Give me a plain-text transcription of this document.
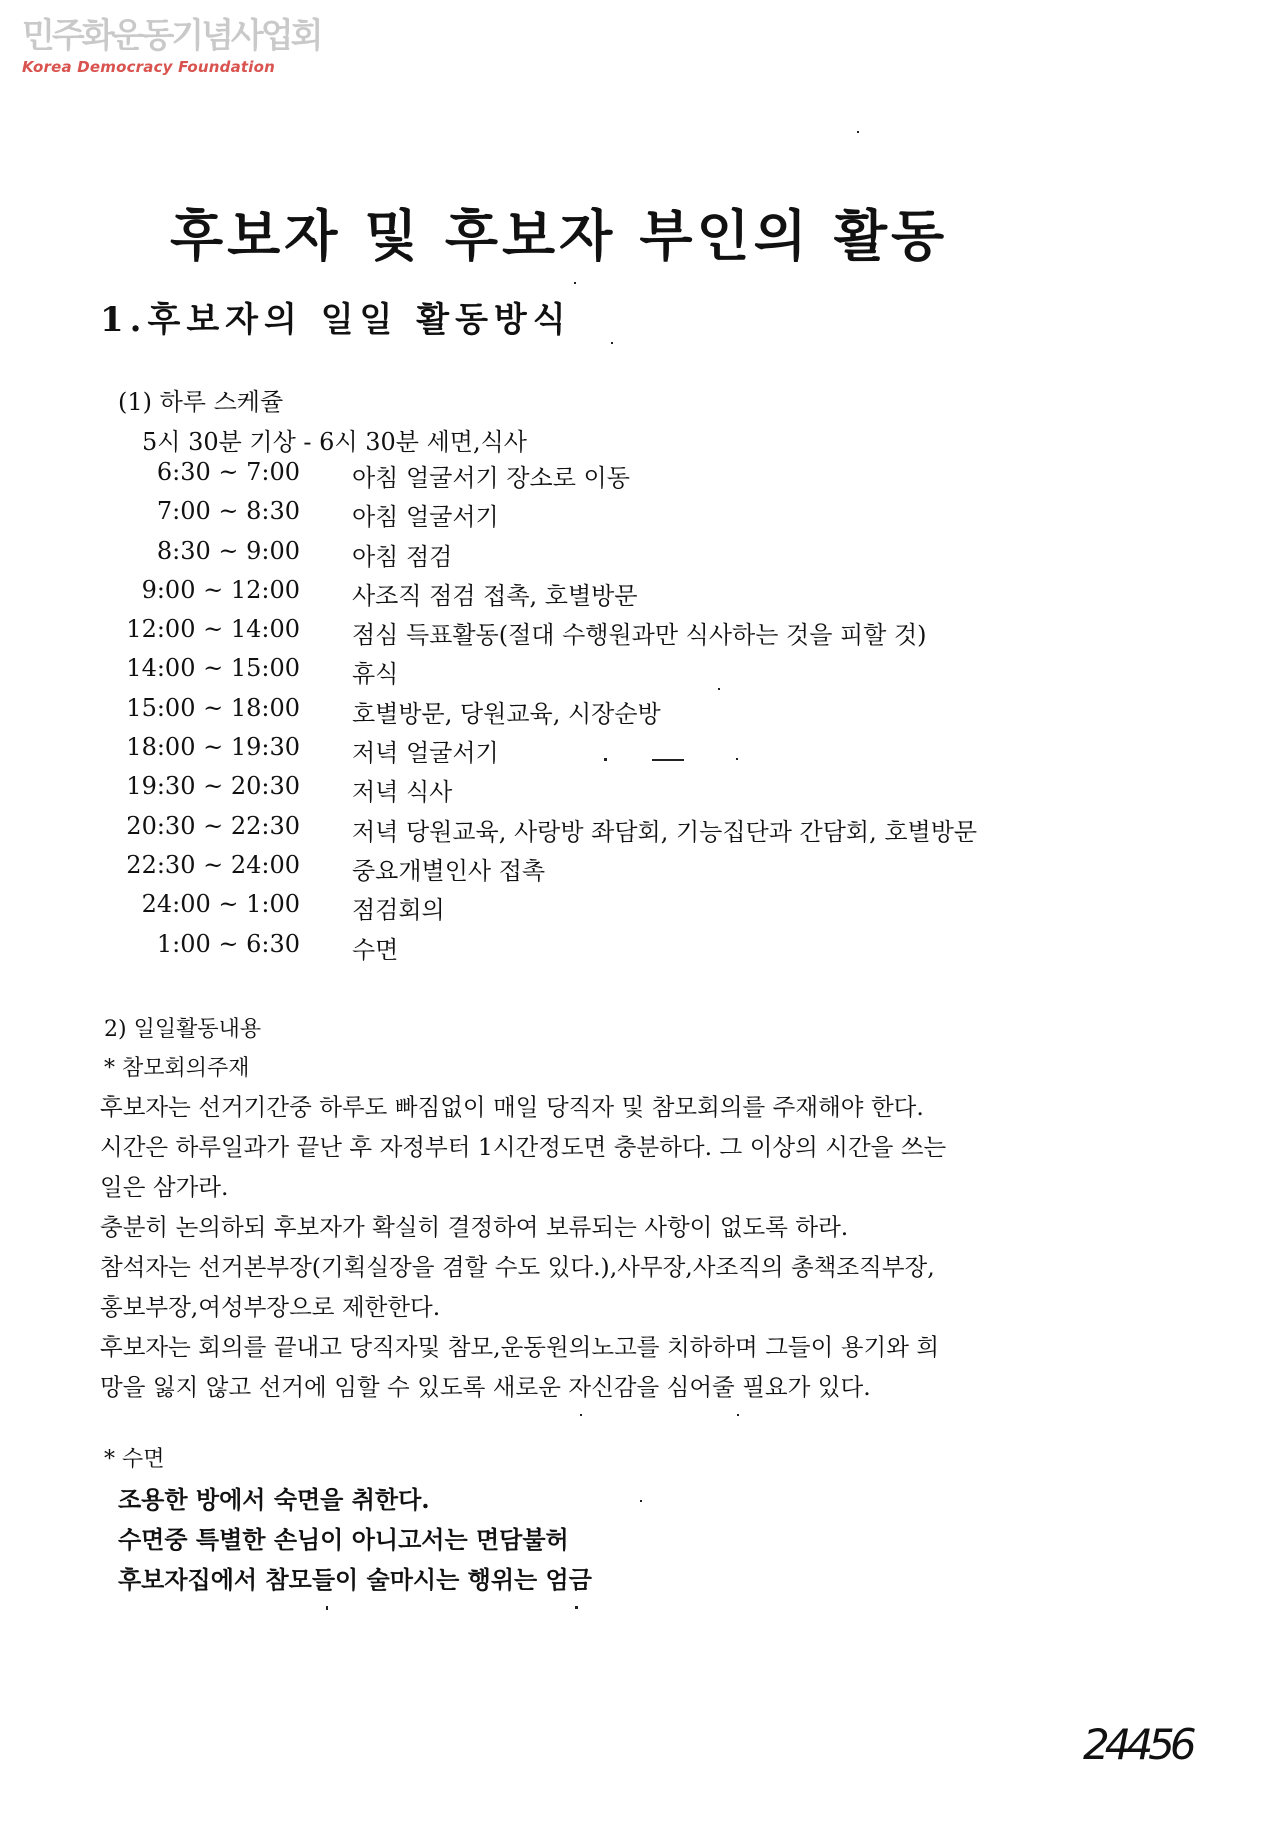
민주화운동기념사업회
Korea Democracy Foundation
후보자 및 후보자 부인의 활동
1.후보자의 일일 활동방식
(1) 하루 스케쥴
5시 30분 기상 - 6시 30분 세면,식사
6:30 ~ 7:00 아침 얼굴서기 장소로 이동
7:00 ~ 8:30 아침 얼굴서기
8:30 ~ 9:00 아침 점검
9:00 ~ 12:00 사조직 점검 접촉, 호별방문
12:00 ~ 14:00 점심 득표활동(절대 수행원과만 식사하는 것을 피할 것)
14:00 ~ 15:00 휴식
15:00 ~ 18:00 호별방문, 당원교육, 시장순방
18:00 ~ 19:30 저녁 얼굴서기
19:30 ~ 20:30 저녁 식사
20:30 ~ 22:30 저녁 당원교육, 사랑방 좌담회, 기능집단과 간담회, 호별방문
22:30 ~ 24:00 중요개별인사 접촉
24:00 ~ 1:00 점검회의
1:00 ~ 6:30 수면
2) 일일활동내용
* 참모회의주재
후보자는 선거기간중 하루도 빠짐없이 매일 당직자 및 참모회의를 주재해야 한다.
시간은 하루일과가 끝난 후 자정부터 1시간정도면 충분하다. 그 이상의 시간을 쓰는
일은 삼가라.
충분히 논의하되 후보자가 확실히 결정하여 보류되는 사항이 없도록 하라.
참석자는 선거본부장(기획실장을 겸할 수도 있다.),사무장,사조직의 총책조직부장,
홍보부장,여성부장으로 제한한다.
후보자는 회의를 끝내고 당직자및 참모,운동원의노고를 치하하며 그들이 용기와 희
망을 잃지 않고 선거에 임할 수 있도록 새로운 자신감을 심어줄 필요가 있다.
* 수면
조용한 방에서 숙면을 취한다.
수면중 특별한 손님이 아니고서는 면담불허
후보자집에서 참모들이 술마시는 행위는 엄금
24456
